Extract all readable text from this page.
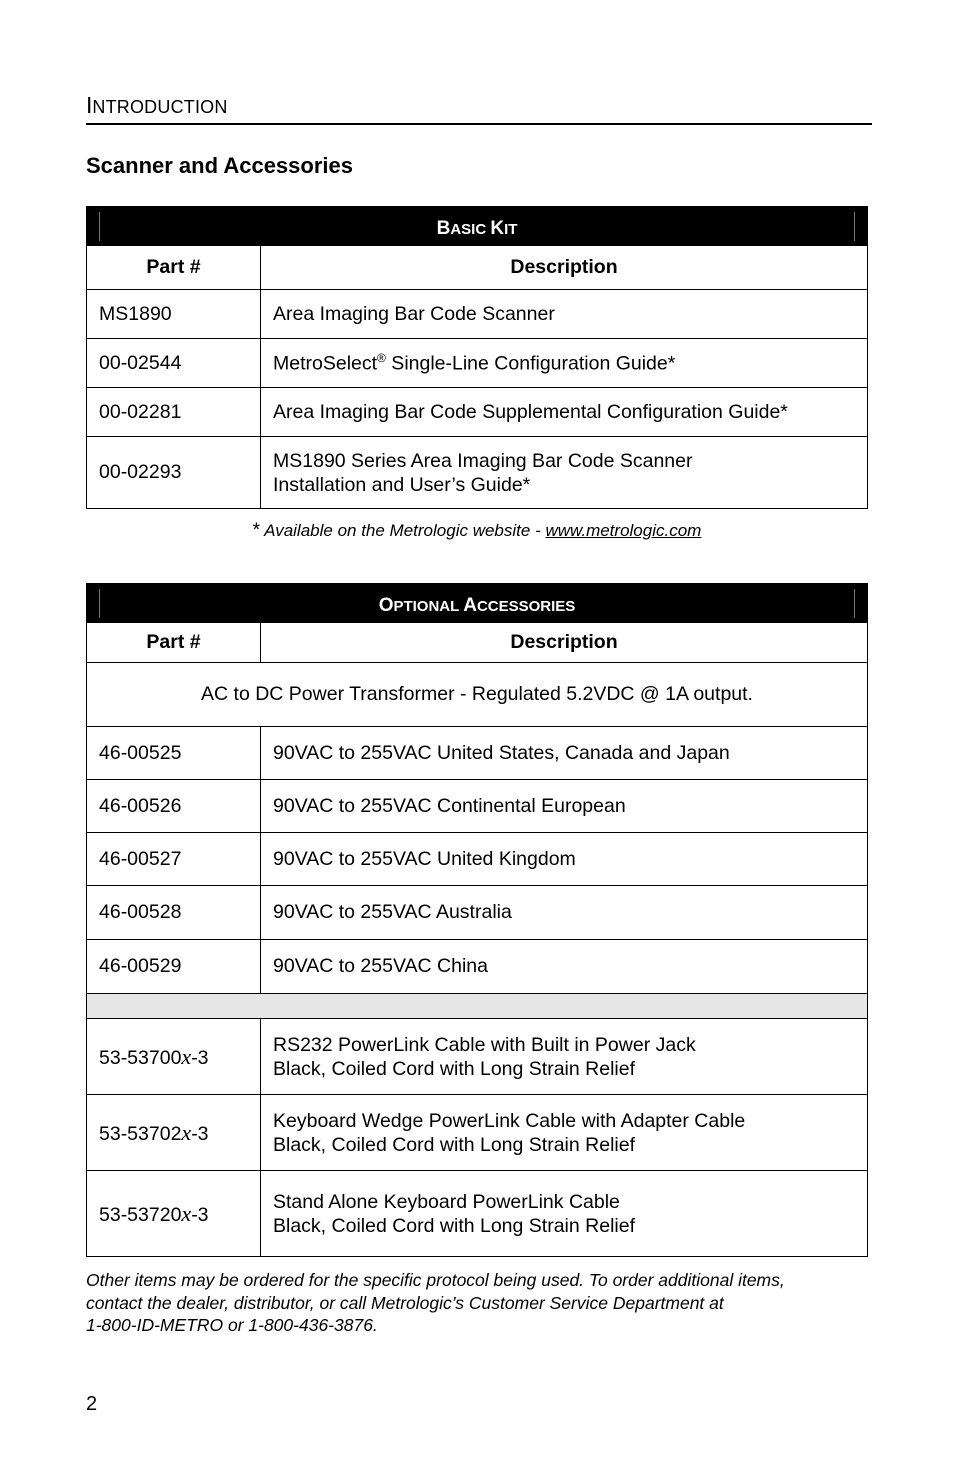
INTRODUCTION
Scanner and Accessories
BASIC KIT	

Part #	Description
MS1890	Area Imaging Bar Code Scanner
00-02544	MetroSelect® Single-Line Configuration Guide*
00-02281	Area Imaging Bar Code Supplemental Configuration Guide*
00-02293	MS1890 Series Area Imaging Bar Code Scanner
Installation and User’s Guide*
* Available on the Metrologic website - www.metrologic.com
OPTIONAL ACCESSORIES	

Part #	Description
AC to DC Power Transformer - Regulated 5.2VDC @ 1A output.	
46-00525	90VAC to 255VAC United States, Canada and Japan
46-00526	90VAC to 255VAC Continental European
46-00527	90VAC to 255VAC United Kingdom
46-00528	90VAC to 255VAC Australia
46-00529	90VAC to 255VAC China

53-53700x-3	RS232 PowerLink Cable with Built in Power Jack
Black, Coiled Cord with Long Strain Relief
53-53702x-3	Keyboard Wedge PowerLink Cable with Adapter Cable
Black, Coiled Cord with Long Strain Relief
53-53720x-3	Stand Alone Keyboard PowerLink Cable
Black, Coiled Cord with Long Strain Relief
Other items may be ordered for the specific protocol being used. To order additional items,
contact the dealer, distributor, or call Metrologic’s Customer Service Department at
1-800-ID-METRO or 1-800-436-3876.
2
